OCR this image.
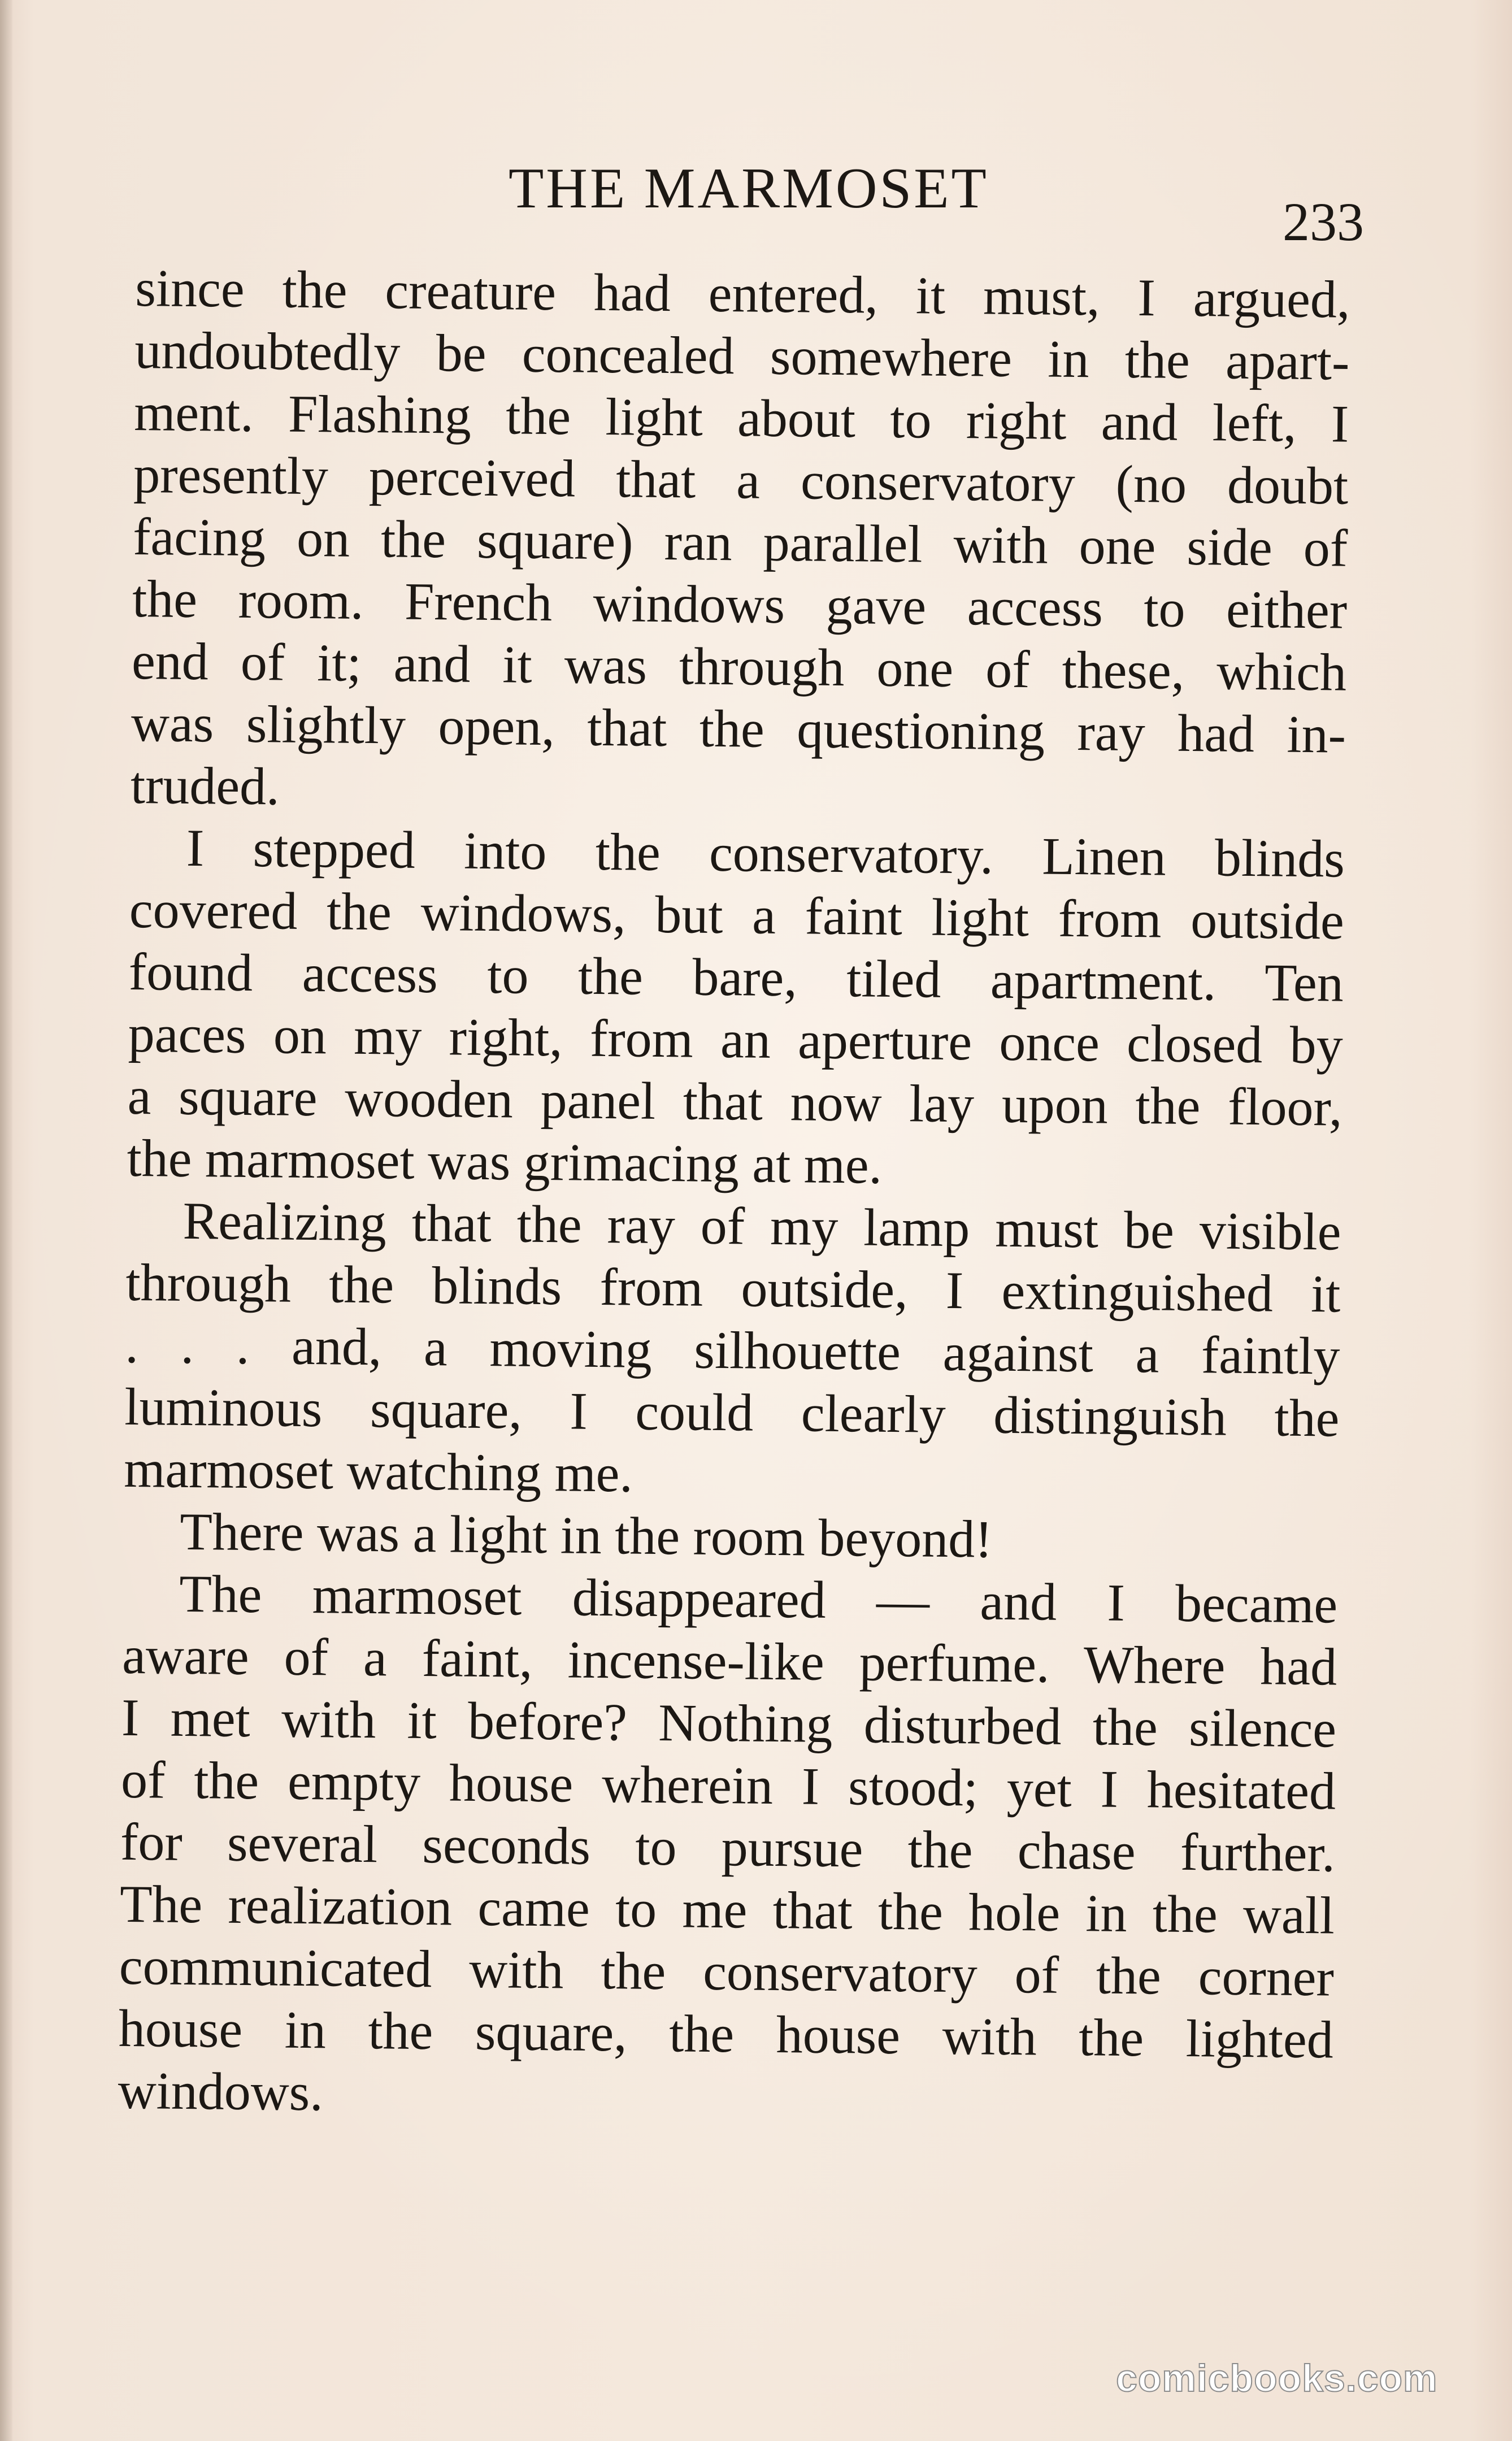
THE MARMOSET
233
since the creature had entered, it must, I argued,
undoubtedly be concealed somewhere in the apart-
ment. Flashing the light about to right and left, I
presently perceived that a conservatory (no doubt
facing on the square) ran parallel with one side of
the room. French windows gave access to either
end of it; and it was through one of these, which
was slightly open, that the questioning ray had in-
truded.
I stepped into the conservatory. Linen blinds
covered the windows, but a faint light from outside
found access to the bare, tiled apartment. Ten
paces on my right, from an aperture once closed by
a square wooden panel that now lay upon the floor,
the marmoset was grimacing at me.
Realizing that the ray of my lamp must be visible
through the blinds from outside, I extinguished it
. . . and, a moving silhouette against a faintly
luminous square, I could clearly distinguish the
marmoset watching me.
There was a light in the room beyond!
The marmoset disappeared — and I became
aware of a faint, incense-like perfume. Where had
I met with it before? Nothing disturbed the silence
of the empty house wherein I stood; yet I hesitated
for several seconds to pursue the chase further.
The realization came to me that the hole in the wall
communicated with the conservatory of the corner
house in the square, the house with the lighted
windows.
comicbooks.com
